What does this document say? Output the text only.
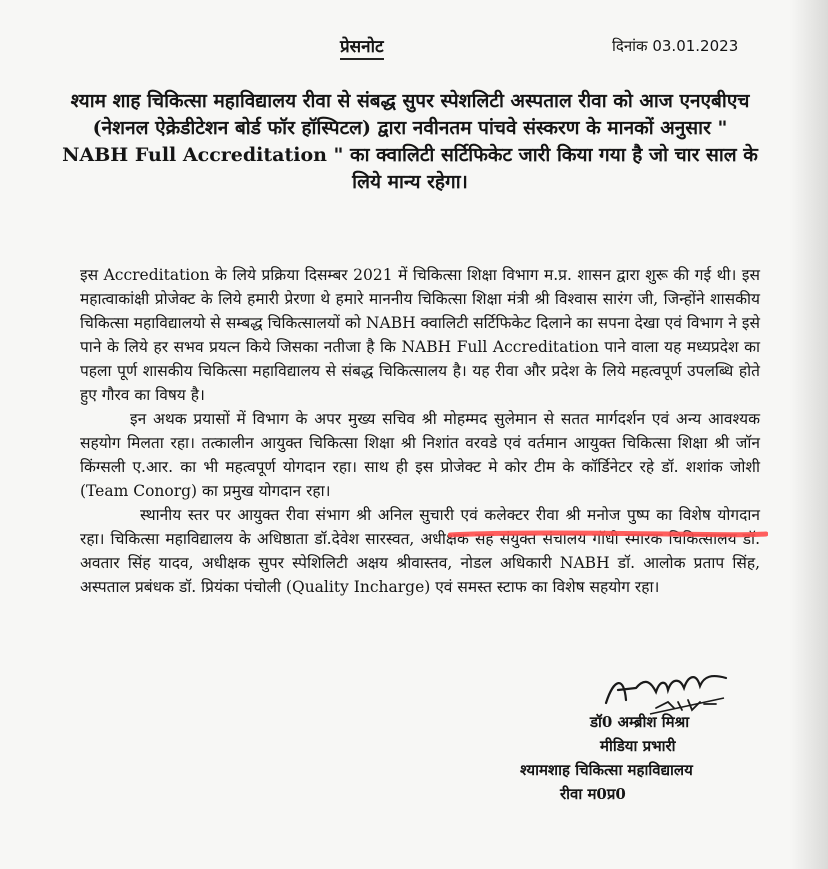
प्रेसनोट	दिनांक 03.01.2023
श्याम शाह चिकित्सा महाविद्यालय रीवा से संबद्ध सुपर स्पेशलिटी अस्पताल रीवा को आज एनएबीएच (नेशनल ऐक्रेडीटेशन बोर्ड फॉर हॉस्पिटल) द्वारा नवीनतम पांचवे संस्करण के मानकों अनुसार " NABH Full Accreditation " का क्वालिटी सर्टिफिकेट जारी किया गया है जो चार साल के लिये मान्य रहेगा।

इस Accreditation के लिये प्रक्रिया दिसम्बर 2021 में चिकित्सा शिक्षा विभाग म.प्र. शासन द्वारा शुरू की गई थी। इस महात्वाकांक्षी प्रोजेक्ट के लिये हमारी प्रेरणा थे हमारे माननीय चिकित्सा शिक्षा मंत्री श्री विश्वास सारंग जी, जिन्होंने शासकीय चिकित्सा महाविद्यालयो से सम्बद्ध चिकित्सालयों को NABH क्वालिटी सर्टिफिकेट दिलाने का सपना देखा एवं विभाग ने इसे पाने के लिये हर सभव प्रयत्न किये जिसका नतीजा है कि NABH Full Accreditation पाने वाला यह मध्यप्रदेश का पहला पूर्ण शासकीय चिकित्सा महाविद्यालय से संबद्ध चिकित्सालय है। यह रीवा और प्रदेश के लिये महत्वपूर्ण उपलब्धि होते हुए गौरव का विषय है।

इन अथक प्रयासों में विभाग के अपर मुख्य सचिव श्री मोहम्मद सुलेमान से सतत मार्गदर्शन एवं अन्य आवश्यक सहयोग मिलता रहा। तत्कालीन आयुक्त चिकित्सा शिक्षा श्री निशांत वरवडे एवं वर्तमान आयुक्त चिकित्सा शिक्षा श्री जॉन किंग्सली ए.आर. का भी महत्वपूर्ण योगदान रहा। साथ ही इस प्रोजेक्ट मे कोर टीम के कॉर्डिनेटर रहे डॉ. शशांक जोशी (Team Conorg) का प्रमुख योगदान रहा।

स्थानीय स्तर पर आयुक्त रीवा संभाग श्री अनिल सुचारी एवं कलेक्टर रीवा श्री मनोज पुष्प का विशेष योगदान रहा। चिकित्सा महाविद्यालय के अधिष्ठाता डॉ.देवेश सारस्वत, अधीक्षक सह संयुक्त संचालय गॉधी स्मारक चिकित्सालय डॉ. अवतार सिंह यादव, अधीक्षक सुपर स्पेशिलिटी अक्षय श्रीवास्तव, नोडल अधिकारी NABH डॉ. आलोक प्रताप सिंह, अस्पताल प्रबंधक डॉ. प्रियंका पंचोली (Quality Incharge) एवं समस्त स्टाफ का विशेष सहयोग रहा।

डॉ0 अम्ब्रीश मिश्रा
मीडिया प्रभारी
श्यामशाह चिकित्सा महाविद्यालय
रीवा म0प्र0
